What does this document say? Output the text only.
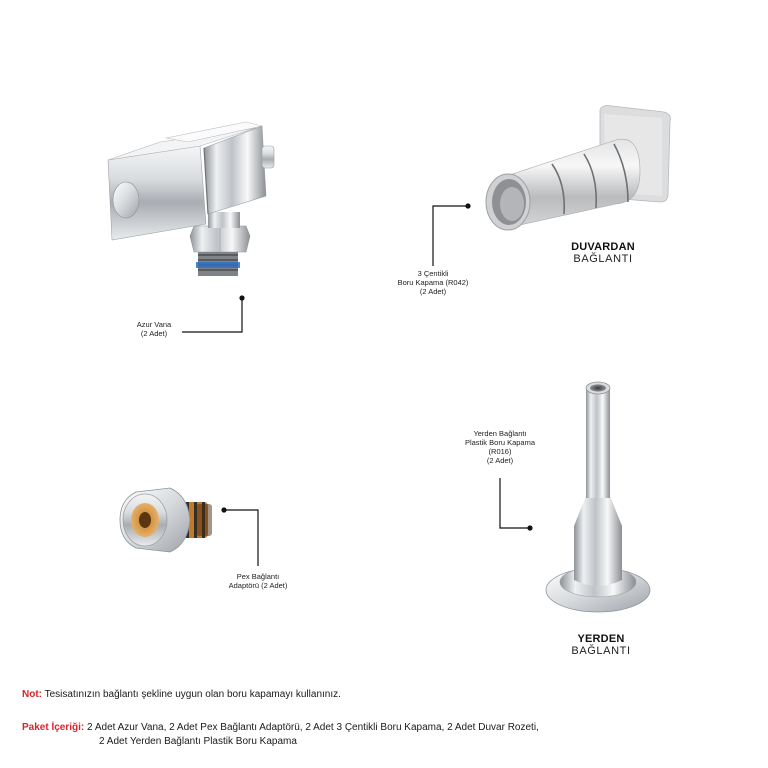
Azur Vana
(2 Adet)
3 Çentikli
Boru Kapama (R042)
(2 Adet)
DUVARDAN
BAĞLANTI
Pex Bağlantı
Adaptörü (2 Adet)
Yerden Bağlantı
Plastik Boru Kapama
(R016)
(2 Adet)
YERDEN
BAĞLANTI
Not: Tesisatınızın bağlantı şekline uygun olan boru kapamayı kullanınız.
Paket İçeriği: 2 Adet Azur Vana, 2 Adet Pex Bağlantı Adaptörü, 2 Adet 3 Çentikli Boru Kapama, 2 Adet Duvar Rozeti,
2 Adet Yerden Bağlantı Plastik Boru Kapama
